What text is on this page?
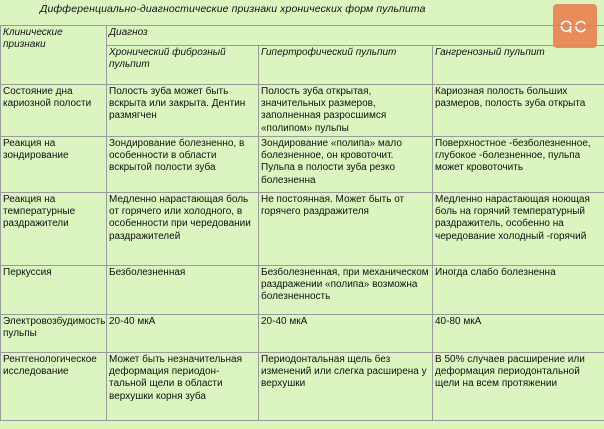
Дифференциально-диагностические признаки хронических форм пульпита
Клинические признаки	Диагноз		
	Хронический фиброзный пульпит	Гипертрофический пульпит	Гангренозный пульпит
Состояние дна кариозной полости	Полость зуба может быть вскрыта или закрыта. Дентин размягчен	Полость зуба открытая, значительных размеров, заполненная разросшимся «полипом» пульпы	Кариозная полость больших размеров, полость зуба открыта
Реакция на зондирование	Зондирование болезненно, в особенности в области вскрытой полости зуба	Зондирование «полипа» мало болезненное, он кровоточит. Пульпа в полости зуба резко болезненна	Поверхностное -безболезненное, глубокое -болезненное, пульпа может кровоточить
Реакция на температурные раздражители	Медленно нарастающая боль от горячего или холодного, в особенности при чередовании раздражителей	Не постоянная. Может быть от горячего раздражителя	Медленно нарастающая ноющая боль на горячий температурный раздражитель, особенно на чередование холодный -горячий
Перкуссия	Безболезненная	Безболезненная, при механическом раздражении «полипа» возможна болезненность	Иногда слабо болезненна
Электровозбудимость пульпы	20-40 мкА	20-40 мкА	40-80 мкА
Рентгенологическое исследование	Может быть незначительная деформация периодон-тальной щели в области верхушки корня зуба	Периодонтальная щель без изменений или слегка расширена у верхушки	В 50% случаев расширение или деформация периодонтальной щели на всем протяжении
